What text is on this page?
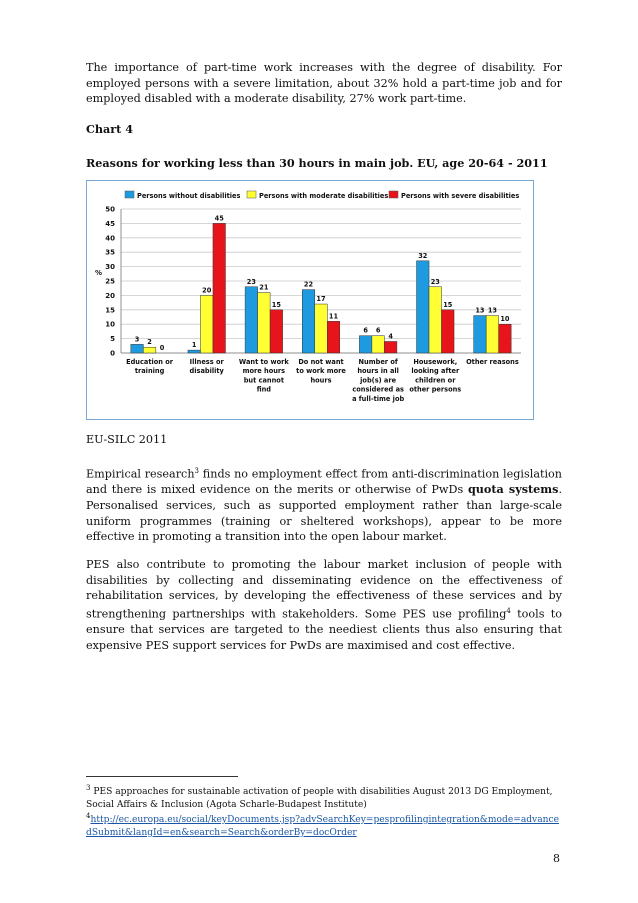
The importance of part-time work increases with the degree of disability. For employed persons with a severe limitation, about 32% hold a part-time job and for employed disabled with a moderate disability, 27% work part-time.

Chart 4

Reasons for working less than 30 hours in main job. EU, age 20-64 - 2011

Persons without disabilities	Persons with moderate disabilities Persons with severe disabilities
0
5
10
15
20
25
30
35
40
45
50
%
3 2
0
Education or
training
1
20
45
Illness or
disability
23
21
15
Want to work
more hours
but cannot
find
22
17
11
Do not want
to work more
hours
6 6
4
Number of
hours in all
job(s) are
considered as
a full-time job
32
23
15
Housework,
looking after
children or
other persons
13 13
10
Other reasons
EU-SILC 2011

Empirical research$^3$ finds no employment effect from anti-discrimination legislation and there is mixed evidence on the merits or otherwise of PwDs quota systems. Personalised services, such as supported employment rather than large-scale uniform programmes (training or sheltered workshops), appear to be more effective in promoting a transition into the open labour market.

PES also contribute to promoting the labour market inclusion of people with disabilities by collecting and disseminating evidence on the effectiveness of rehabilitation services, by developing the effectiveness of these services and by strengthening partnerships with stakeholders. Some PES use profiling$^4$ tools to ensure that services are targeted to the neediest clients thus also ensuring that expensive PES support services for PwDs are maximised and cost effective.

$^3$ PES approaches for sustainable activation of people with disabilities August 2013 DG Employment, Social Affairs & Inclusion (Agota Scharle-Budapest Institute)
$^4$http://ec.europa.eu/social/keyDocuments.jsp?advSearchKey=pesprofilingintegration&mode=advancedSubmit&langId=en&search=Search&orderBy=docOrder
8
